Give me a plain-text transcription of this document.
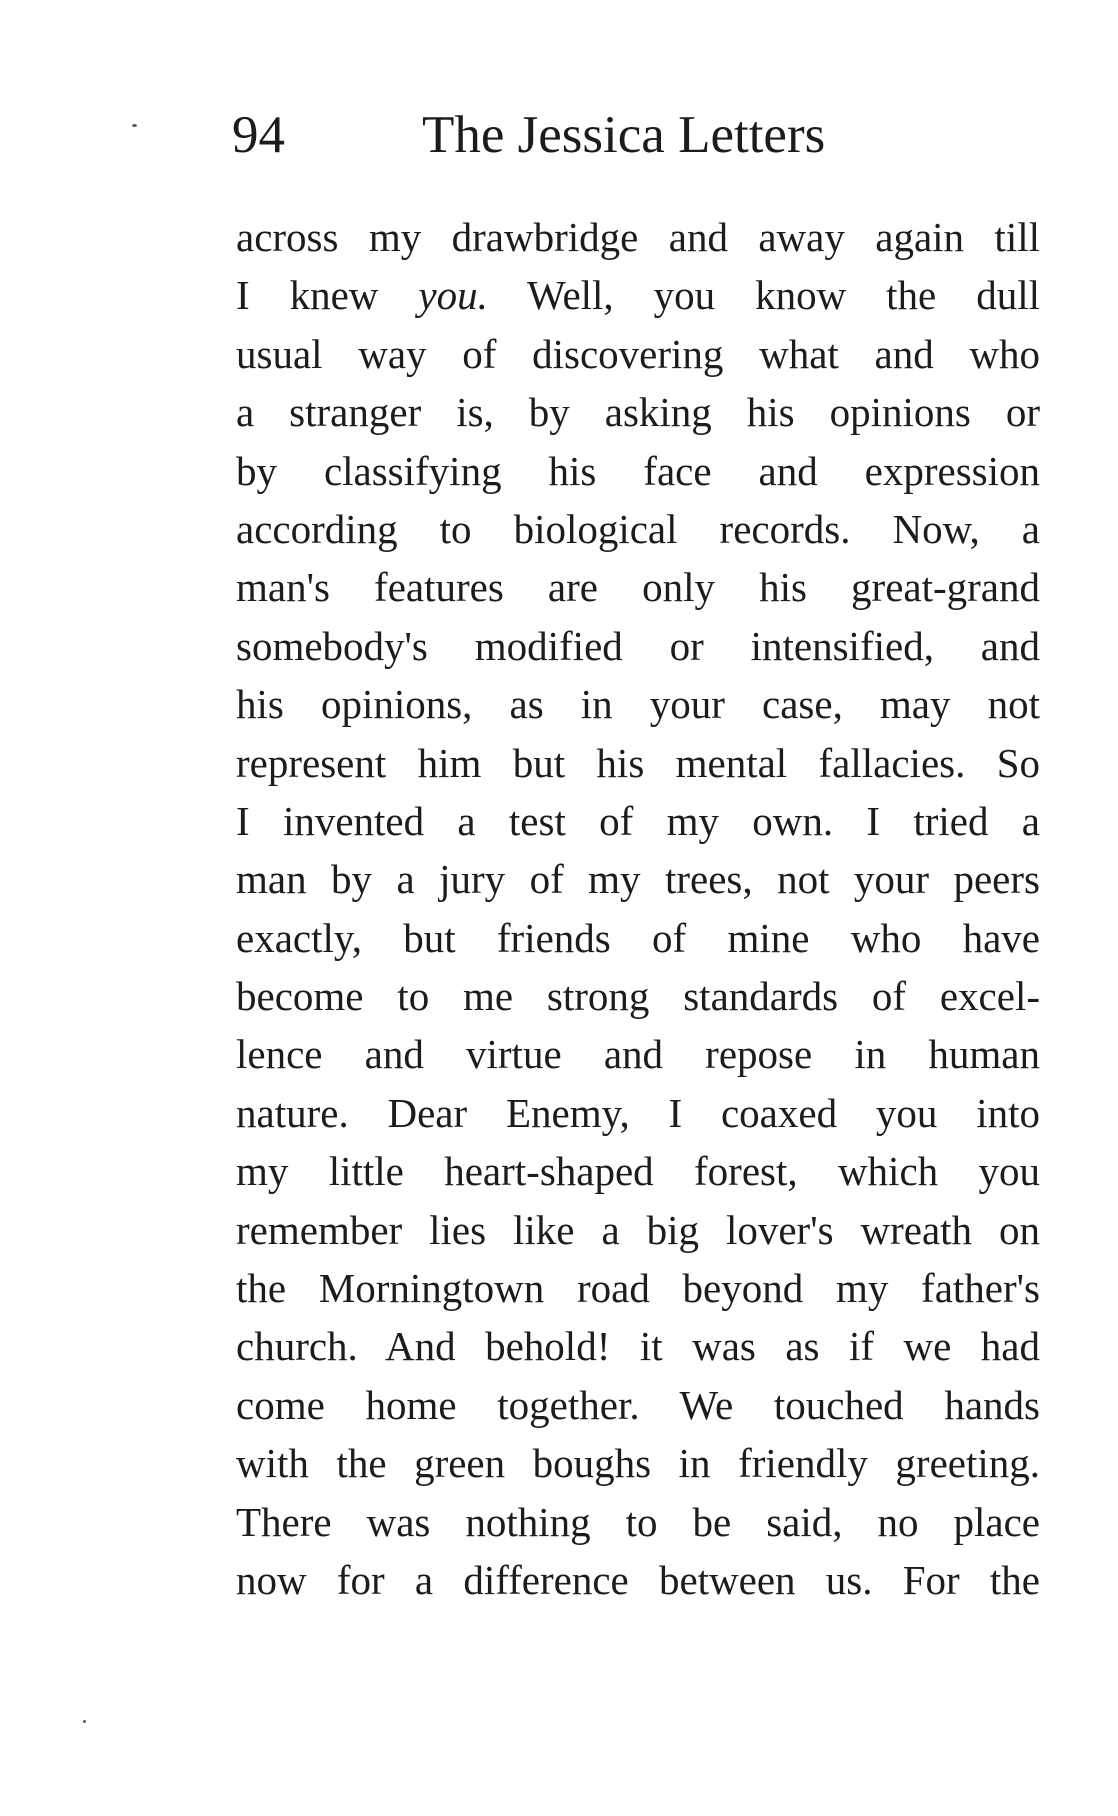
94	The Jessica Letters
across my drawbridge and away again till
I knew you. Well, you know the dull
usual way of discovering what and who
a stranger is, by asking his opinions or
by classifying his face and expression
according to biological records. Now, a
man's features are only his great-grand
somebody's modified or intensified, and
his opinions, as in your case, may not
represent him but his mental fallacies. So
I invented a test of my own. I tried a
man by a jury of my trees, not your peers
exactly, but friends of mine who have
become to me strong standards of excel-
lence and virtue and repose in human
nature. Dear Enemy, I coaxed you into
my little heart-shaped forest, which you
remember lies like a big lover's wreath on
the Morningtown road beyond my father's
church. And behold! it was as if we had
come home together. We touched hands
with the green boughs in friendly greeting.
There was nothing to be said, no place
now for a difference between us. For the
